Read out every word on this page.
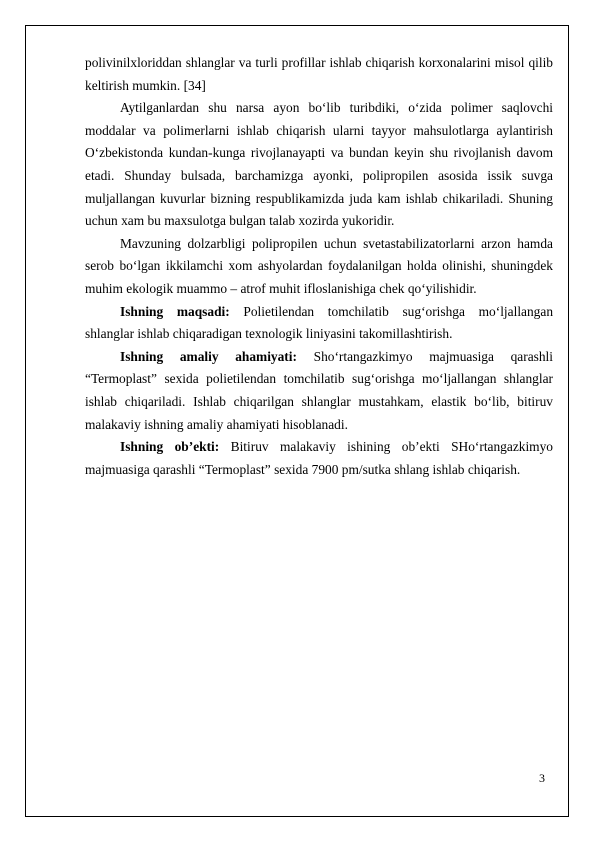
polivinilxloriddan shlanglar va turli profillar ishlab chiqarish korxonalarini misol qilib keltirish mumkin. [34]

Aytilganlardan shu narsa ayon bo‘lib turibdiki, o‘zida polimer saqlovchi moddalar va polimerlarni ishlab chiqarish ularni tayyor mahsulotlarga aylantirish O‘zbekistonda kundan-kunga rivojlanayapti va bundan keyin shu rivojlanish davom etadi. Shunday bulsada, barchamizga ayonki, polipropilen asosida issik suvga muljallangan kuvurlar bizning respublikamizda juda kam ishlab chikariladi. Shuning uchun xam bu maxsulotga bulgan talab xozirda yukoridir.

Mavzuning dolzarbligi polipropilen uchun svetastabilizatorlarni arzon hamda serob bo‘lgan ikkilamchi xom ashyolardan foydalanilgan holda olinishi, shuningdek muhim ekologik muammo – atrof muhit ifloslanishiga chek qo‘yilishidir.

Ishning maqsadi: Polietilendan tomchilatib sug‘orishga mo‘ljallangan shlanglar ishlab chiqaradigan texnologik liniyasini takomillashtirish.

Ishning amaliy ahamiyati: Sho‘rtangazkimyo majmuasiga qarashli “Termoplast” sexida polietilendan tomchilatib sug‘orishga mo‘ljallangan shlanglar ishlab chiqariladi. Ishlab chiqarilgan shlanglar mustahkam, elastik bo‘lib, bitiruv malakaviy ishning amaliy ahamiyati hisoblanadi.

Ishning ob’ekti: Bitiruv malakaviy ishining ob’ekti SHo‘rtangazkimyo majmuasiga qarashli “Termoplast” sexida 7900 pm/sutka shlang ishlab chiqarish.

3
